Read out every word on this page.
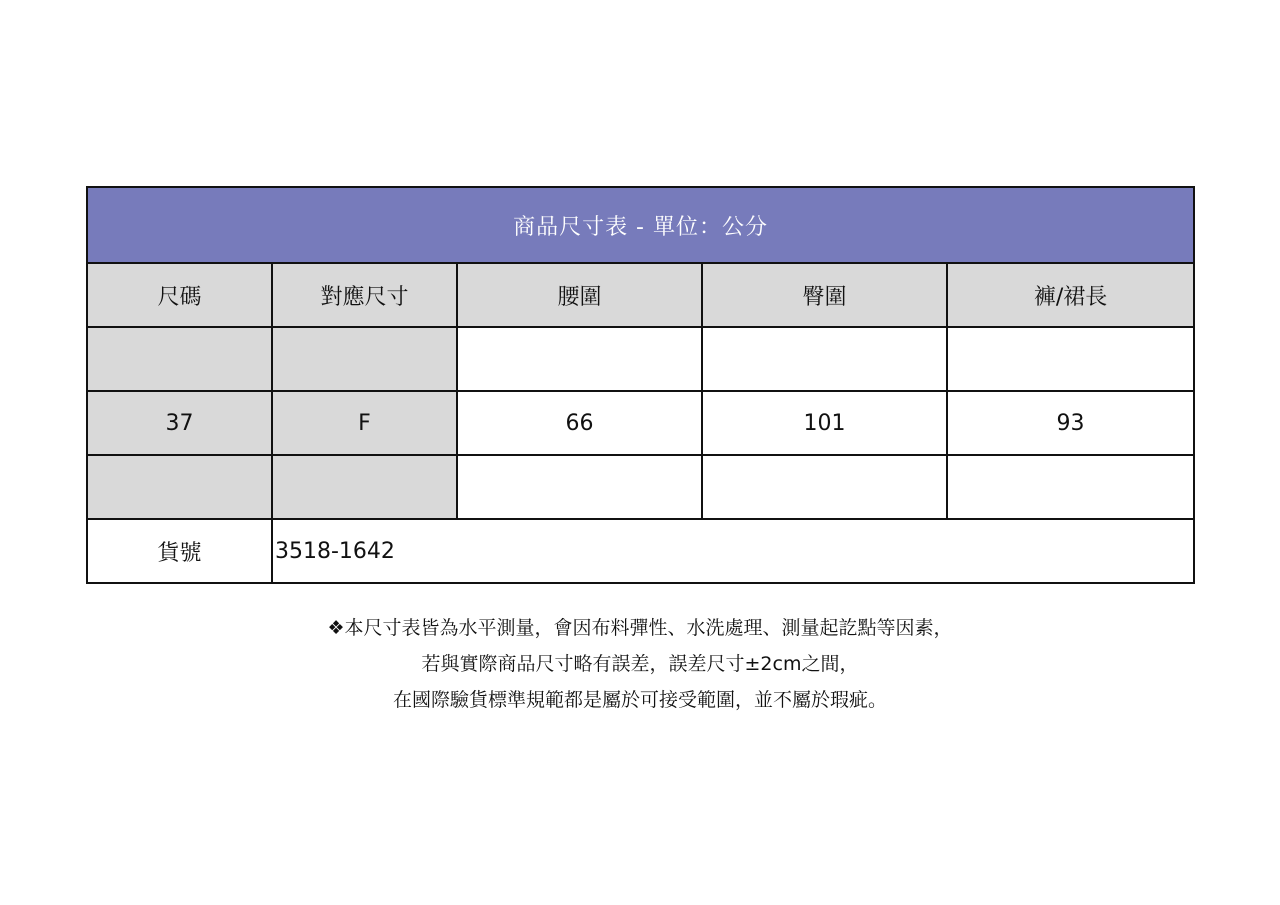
商品尺寸表 - 單位：公分				
尺碼	對應尺寸	腰圍	臀圍	褲/裙長

37	F	66	101	93

貨號	3518-1642			

❖本尺寸表皆為水平測量，會因布料彈性、水洗處理、測量起訖點等因素，

若與實際商品尺寸略有誤差，誤差尺寸±2cm之間，

在國際驗貨標準規範都是屬於可接受範圍，並不屬於瑕疵。
